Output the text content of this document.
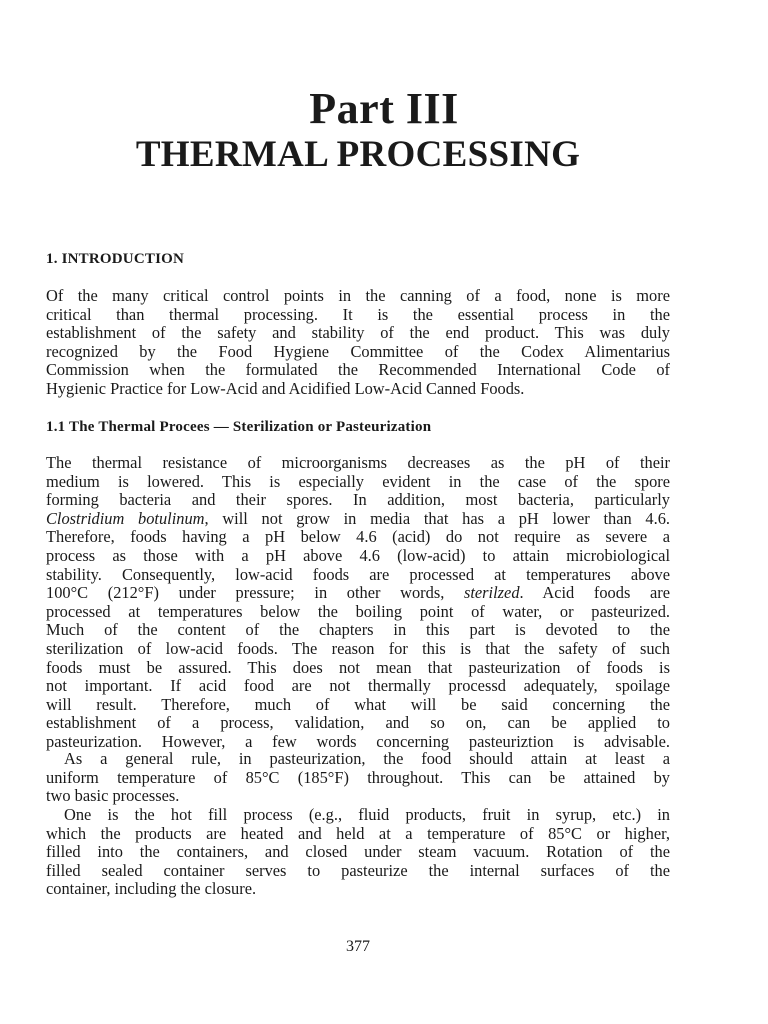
Part III
THERMAL PROCESSING
1. INTRODUCTION
Of the many critical control points in the canning of a food, none is more
critical than thermal processing. It is the essential process in the
establishment of the safety and stability of the end product. This was duly
recognized by the Food Hygiene Committee of the Codex Alimentarius
Commission when the formulated the Recommended International Code of
Hygienic Practice for Low-Acid and Acidified Low-Acid Canned Foods.
1.1 The Thermal Procees — Sterilization or Pasteurization
The thermal resistance of microorganisms decreases as the pH of their
medium is lowered. This is especially evident in the case of the spore
forming bacteria and their spores. In addition, most bacteria, particularly
Clostridium botulinum, will not grow in media that has a pH lower than 4.6.
Therefore, foods having a pH below 4.6 (acid) do not require as severe a
process as those with a pH above 4.6 (low-acid) to attain microbiological
stability. Consequently, low-acid foods are processed at temperatures above
100°C (212°F) under pressure; in other words, sterilzed. Acid foods are
processed at temperatures below the boiling point of water, or pasteurized.
Much of the content of the chapters in this part is devoted to the
sterilization of low-acid foods. The reason for this is that the safety of such
foods must be assured. This does not mean that pasteurization of foods is
not important. If acid food are not thermally processd adequately, spoilage
will result. Therefore, much of what will be said concerning the
establishment of a process, validation, and so on, can be applied to
pasteurization. However, a few words concerning pasteuriztion is advisable.
As a general rule, in pasteurization, the food should attain at least a
uniform temperature of 85°C (185°F) throughout. This can be attained by
two basic processes.
One is the hot fill process (e.g., fluid products, fruit in syrup, etc.) in
which the products are heated and held at a temperature of 85°C or higher,
filled into the containers, and closed under steam vacuum. Rotation of the
filled sealed container serves to pasteurize the internal surfaces of the
container, including the closure.
377
